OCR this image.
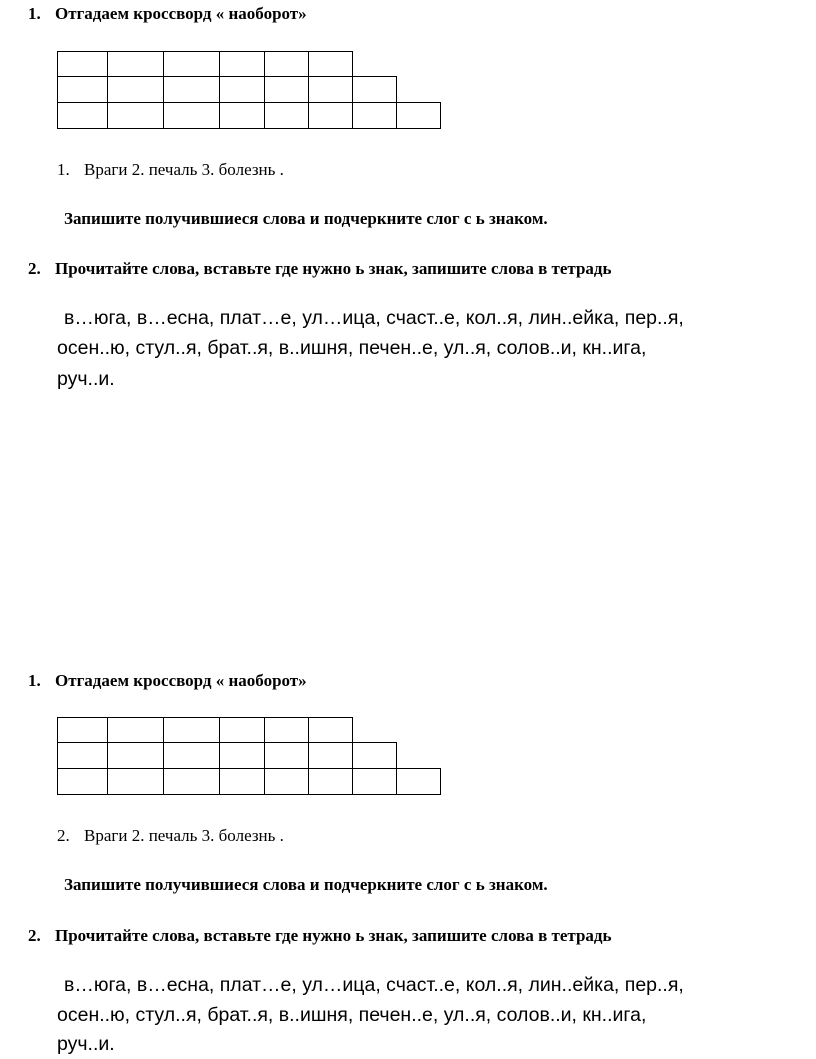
1. Отгадаем кроссворд « наоборот»
1. Враги 2. печаль 3. болезнь .
Запишите получившиеся слова и подчеркните слог с ь знаком.
2. Прочитайте слова, вставьте где нужно ь знак, запишите слова в тетрадь
в…юга, в…есна, плат…е, ул…ица, счаст..е, кол..я, лин..ейка, пер..я,
осен..ю, стул..я, брат..я, в..ишня, печен..е, ул..я, солов..и, кн..ига,
руч..и.
1. Отгадаем кроссворд « наоборот»
2. Враги 2. печаль 3. болезнь .
Запишите получившиеся слова и подчеркните слог с ь знаком.
2. Прочитайте слова, вставьте где нужно ь знак, запишите слова в тетрадь
в…юга, в…есна, плат…е, ул…ица, счаст..е, кол..я, лин..ейка, пер..я,
осен..ю, стул..я, брат..я, в..ишня, печен..е, ул..я, солов..и, кн..ига,
руч..и.
